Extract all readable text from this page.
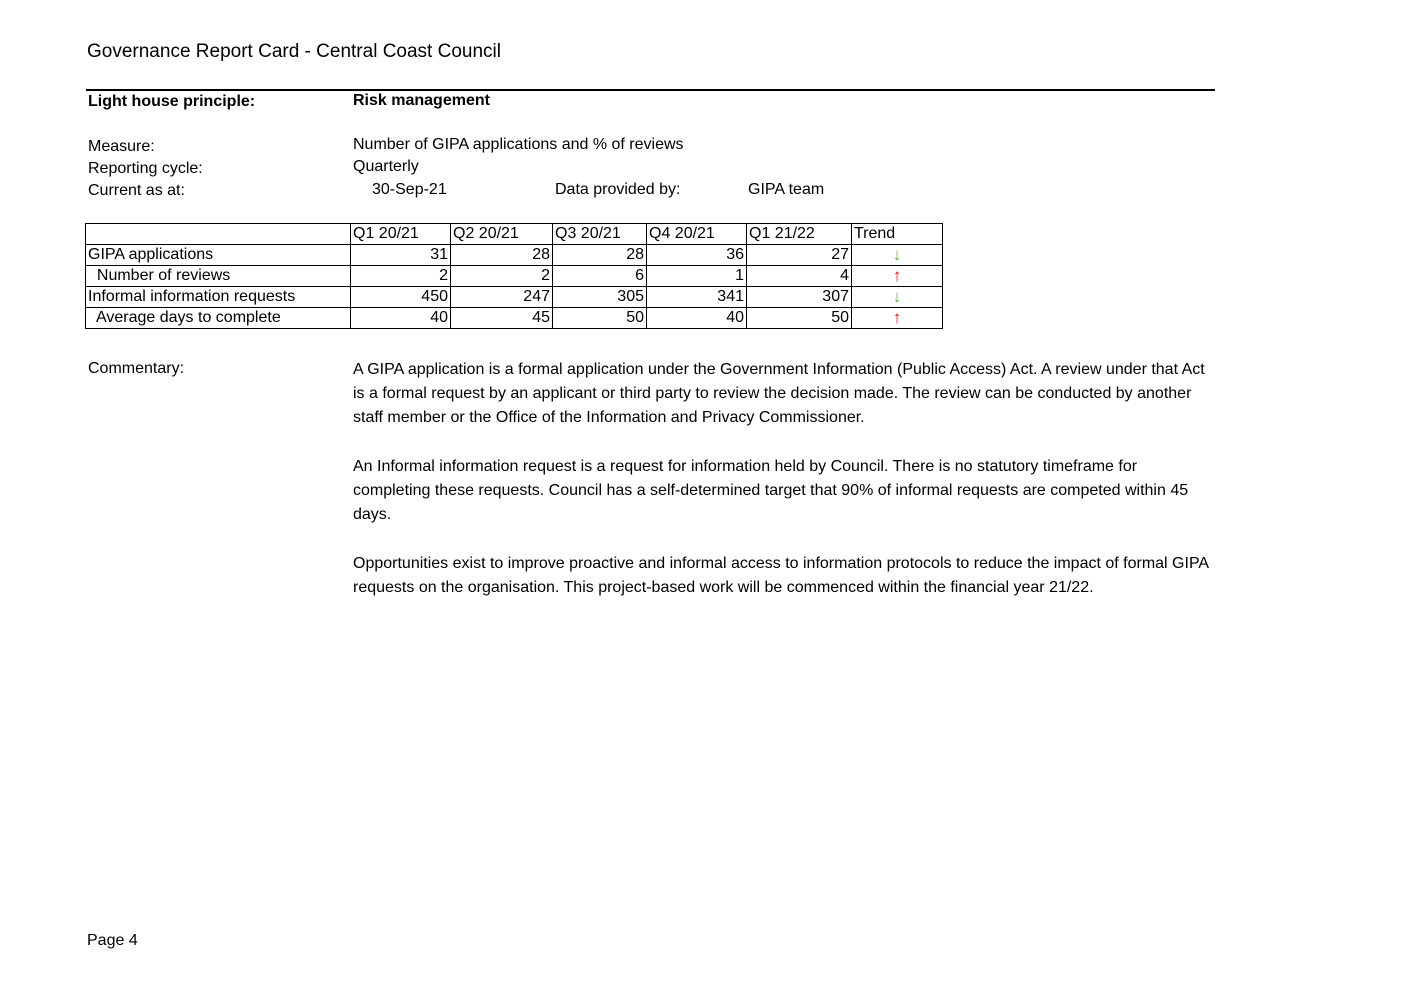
Governance Report Card - Central Coast Council
Light house principle:	Risk management
Measure:	Number of GIPA applications and % of reviews
Reporting cycle:	Quarterly
Current as at:	30-Sep-21	Data provided by:	GIPA team
	Q1 20/21	Q2 20/21	Q3 20/21	Q4 20/21	Q1 21/22	Trend
GIPA applications	31	28	28	36	27	↓
Number of reviews	2	2	6	1	4	↑
Informal information requests	450	247	305	341	307	↓
Average days to complete	40	45	50	40	50	↑
Commentary:	A GIPA application is a formal application under the Government Information (Public Access) Act. A review under that Act is a formal request by an applicant or third party to review the decision made. The review can be conducted by another staff member or the Office of the Information and Privacy Commissioner.
An Informal information request is a request for information held by Council. There is no statutory timeframe for completing these requests. Council has a self-determined target that 90% of informal requests are competed within 45 days.
Opportunities exist to improve proactive and informal access to information protocols to reduce the impact of formal GIPA requests on the organisation. This project-based work will be commenced within the financial year 21/22.
Page 4
